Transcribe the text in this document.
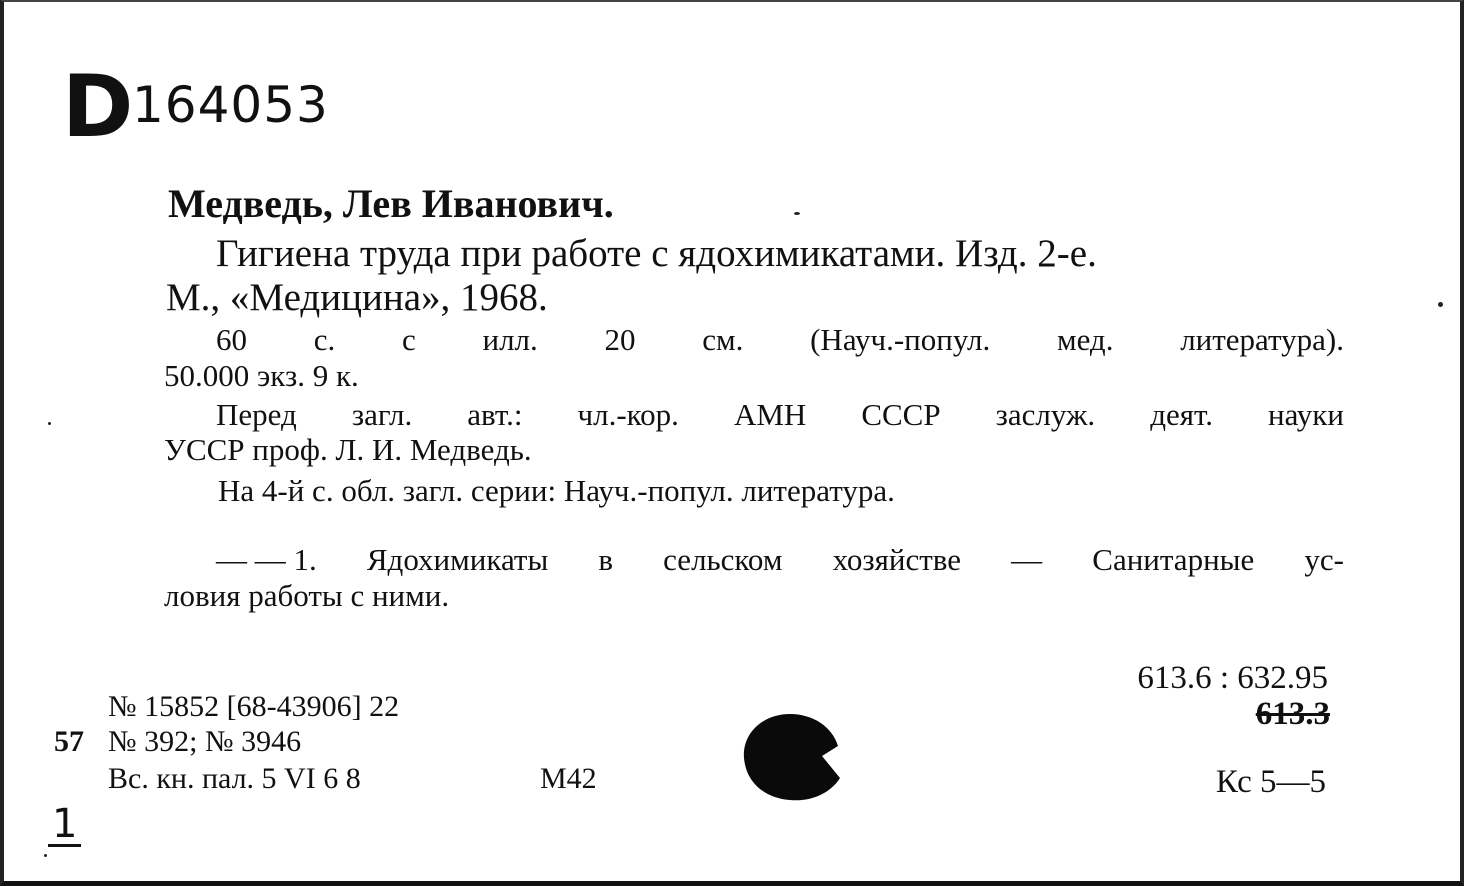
D
164053
Медведь, Лев Иванович.
Гигиена труда при работе с ядохимикатами. Изд. 2-е.
М., «Медицина», 1968.
60 с. с илл. 20 см. (Науч.-попул. мед. литература).
50.000 экз. 9 к.
Перед загл. авт.: чл.-кор. АМН СССР заслуж. деят. науки
УССР проф. Л. И. Медведь.
На 4-й с. обл. загл. серии: Науч.-попул. литература.
— — 1. Ядохимикаты в сельском хозяйстве — Санитарные ус-
ловия работы с ними.
613.6 : 632.95
613.3
№ 15852 [68-43906] 22
57 № 392; № 3946
Вс. кн. пал. 5 VI 6 8	М42	Кс 5—5
1
